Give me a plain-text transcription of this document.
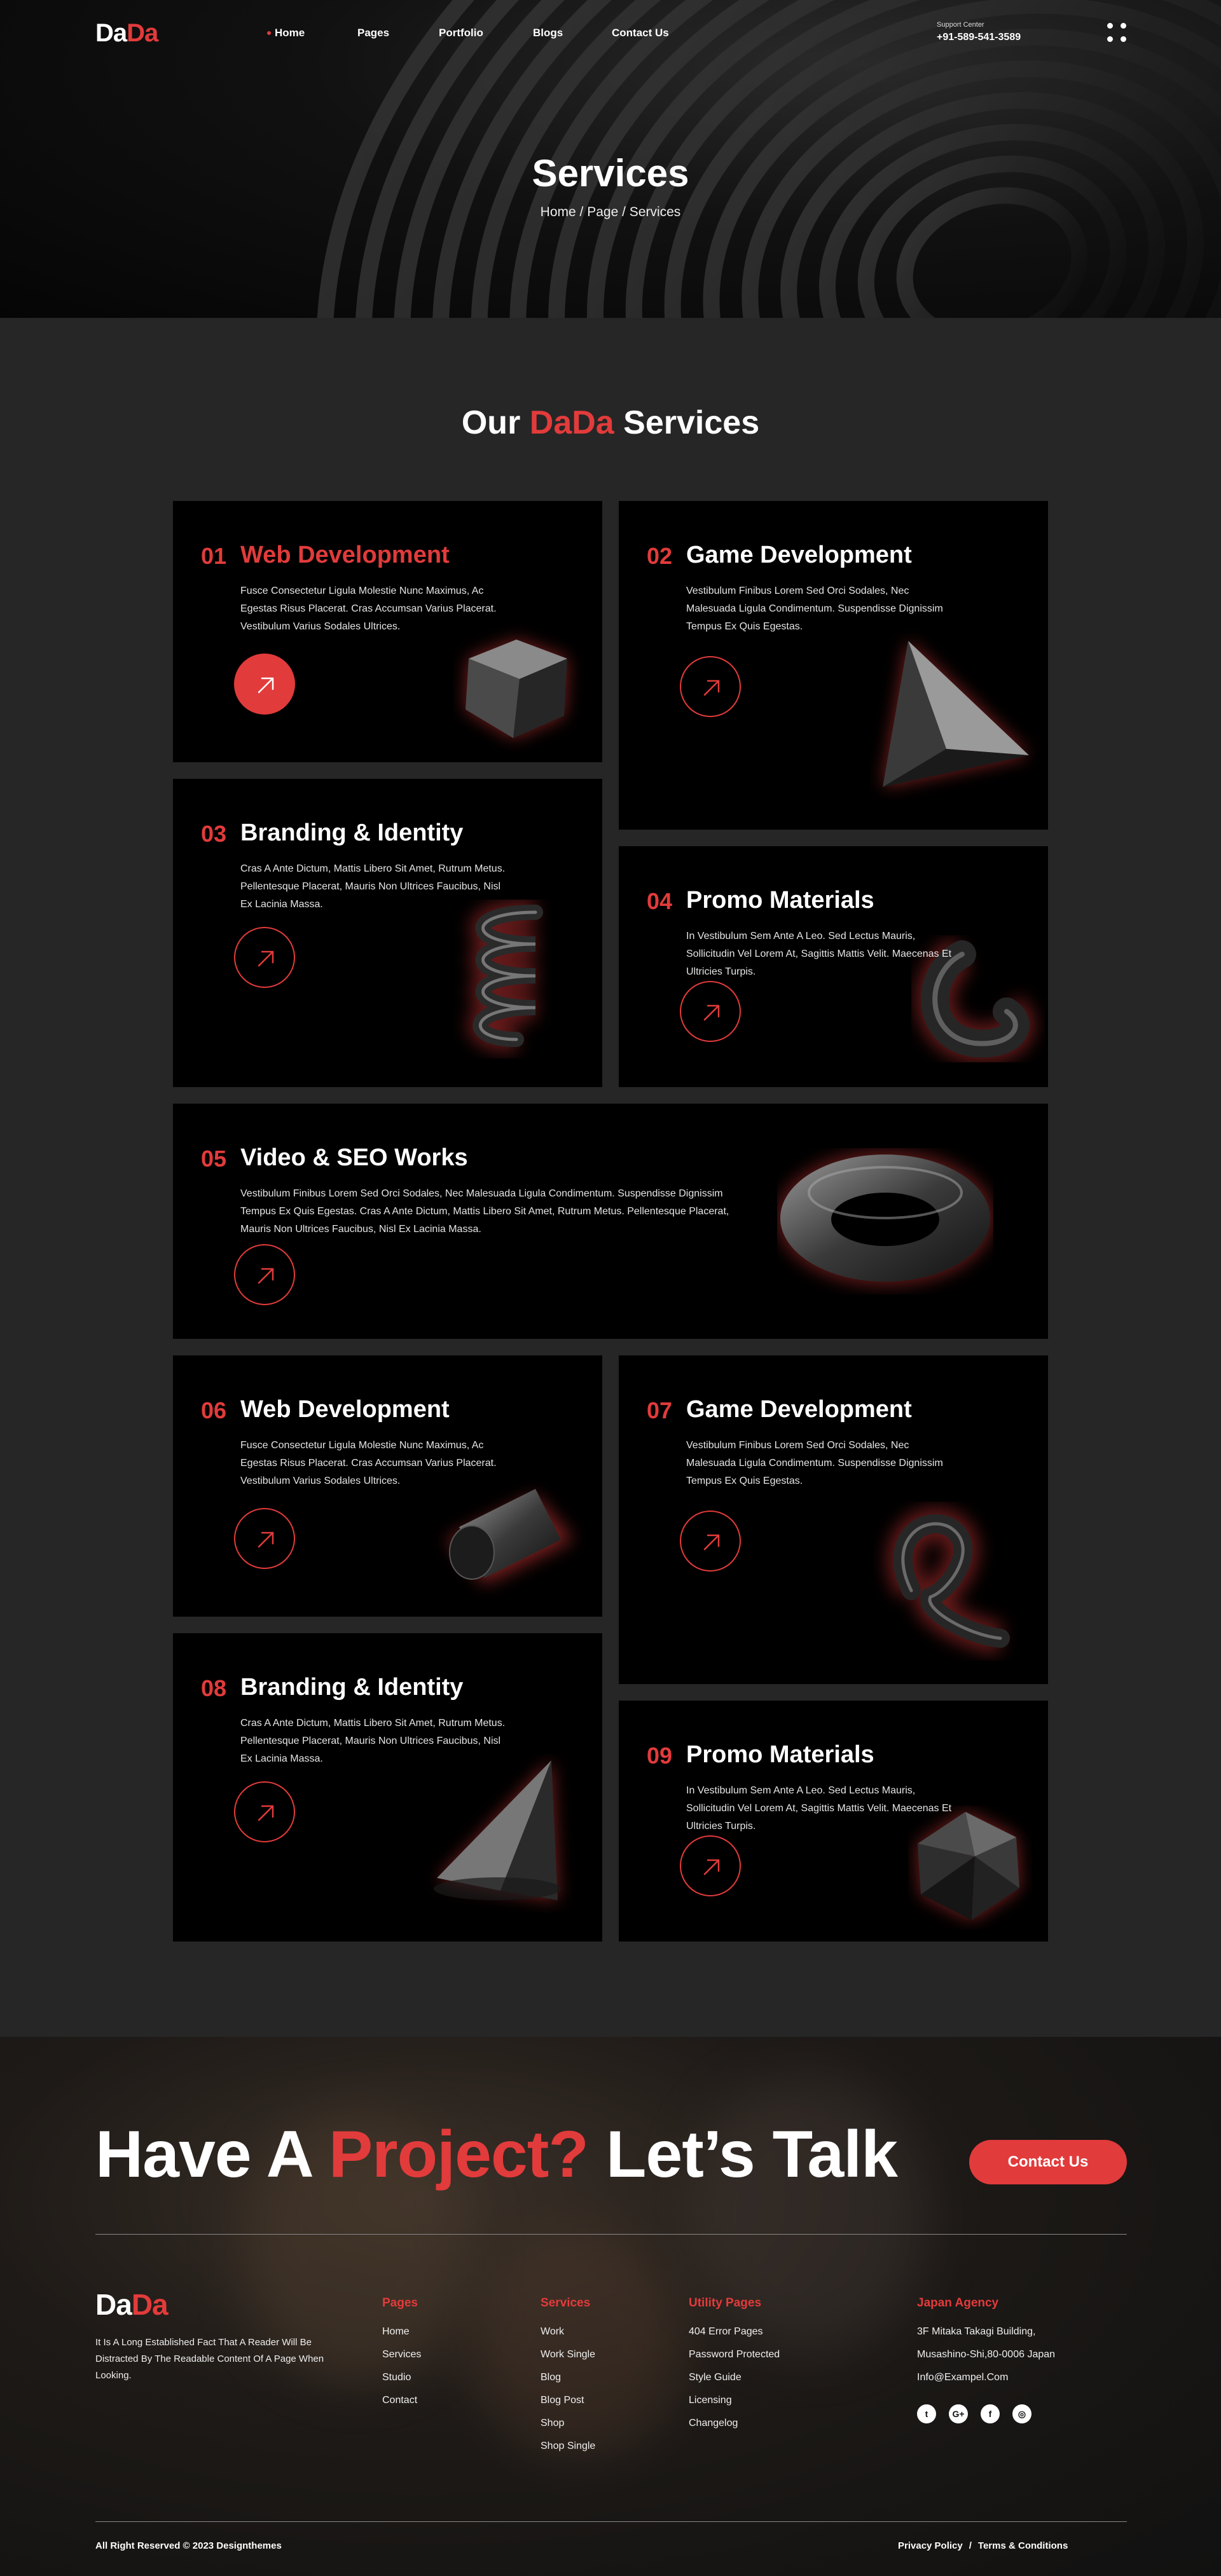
DaDa	Home	Pages	Portfolio	Blogs	Contact Us
Support Center
+91-589-541-3589
Services
Home / Page / Services
Our DaDa Services
01 Web Development
Fusce Consectetur Ligula Molestie Nunc Maximus, Ac Egestas Risus Placerat. Cras Accumsan Varius Placerat. Vestibulum Varius Sodales Ultrices.
02 Game Development
Vestibulum Finibus Lorem Sed Orci Sodales, Nec Malesuada Ligula Condimentum. Suspendisse Dignissim Tempus Ex Quis Egestas.
03 Branding & Identity
Cras A Ante Dictum, Mattis Libero Sit Amet, Rutrum Metus. Pellentesque Placerat, Mauris Non Ultrices Faucibus, Nisl Ex Lacinia Massa.	04 Promo Materials
In Vestibulum Sem Ante A Leo. Sed Lectus Mauris, Sollicitudin Vel Lorem At, Sagittis Mattis Velit. Maecenas Et Ultricies Turpis.
05 Video & SEO Works
Vestibulum Finibus Lorem Sed Orci Sodales, Nec Malesuada Ligula Condimentum. Suspendisse Dignissim Tempus Ex Quis Egestas. Cras A Ante Dictum, Mattis Libero Sit Amet, Rutrum Metus. Pellentesque Placerat, Mauris Non Ultrices Faucibus, Nisl Ex Lacinia Massa.
06 Web Development
Fusce Consectetur Ligula Molestie Nunc Maximus, Ac Egestas Risus Placerat. Cras Accumsan Varius Placerat. Vestibulum Varius Sodales Ultrices.
07 Game Development
Vestibulum Finibus Lorem Sed Orci Sodales, Nec Malesuada Ligula Condimentum. Suspendisse Dignissim Tempus Ex Quis Egestas.
08 Branding & Identity
Cras A Ante Dictum, Mattis Libero Sit Amet, Rutrum Metus. Pellentesque Placerat, Mauris Non Ultrices Faucibus, Nisl Ex Lacinia Massa.	09 Promo Materials
In Vestibulum Sem Ante A Leo. Sed Lectus Mauris, Sollicitudin Vel Lorem At, Sagittis Mattis Velit. Maecenas Et Ultricies Turpis.
Have A Project? Let’s Talk	Contact Us
DaDa
It Is A Long Established Fact That A Reader Will Be Distracted By The Readable Content Of A Page When Looking.
Pages
Home
Services
Studio
Contact
Services
Work
Work Single
Blog
Blog Post
Shop
Shop Single
Utility Pages
404 Error Pages
Password Protected
Style Guide
Licensing
Changelog
Japan Agency
3F Mitaka Takagi Building,
Musashino-Shi,80-0006 Japan
Info@Exampel.Com
t	G+	f	◎
All Right Reserved © 2023 Designthemes	Privacy Policy / Terms & Conditions
